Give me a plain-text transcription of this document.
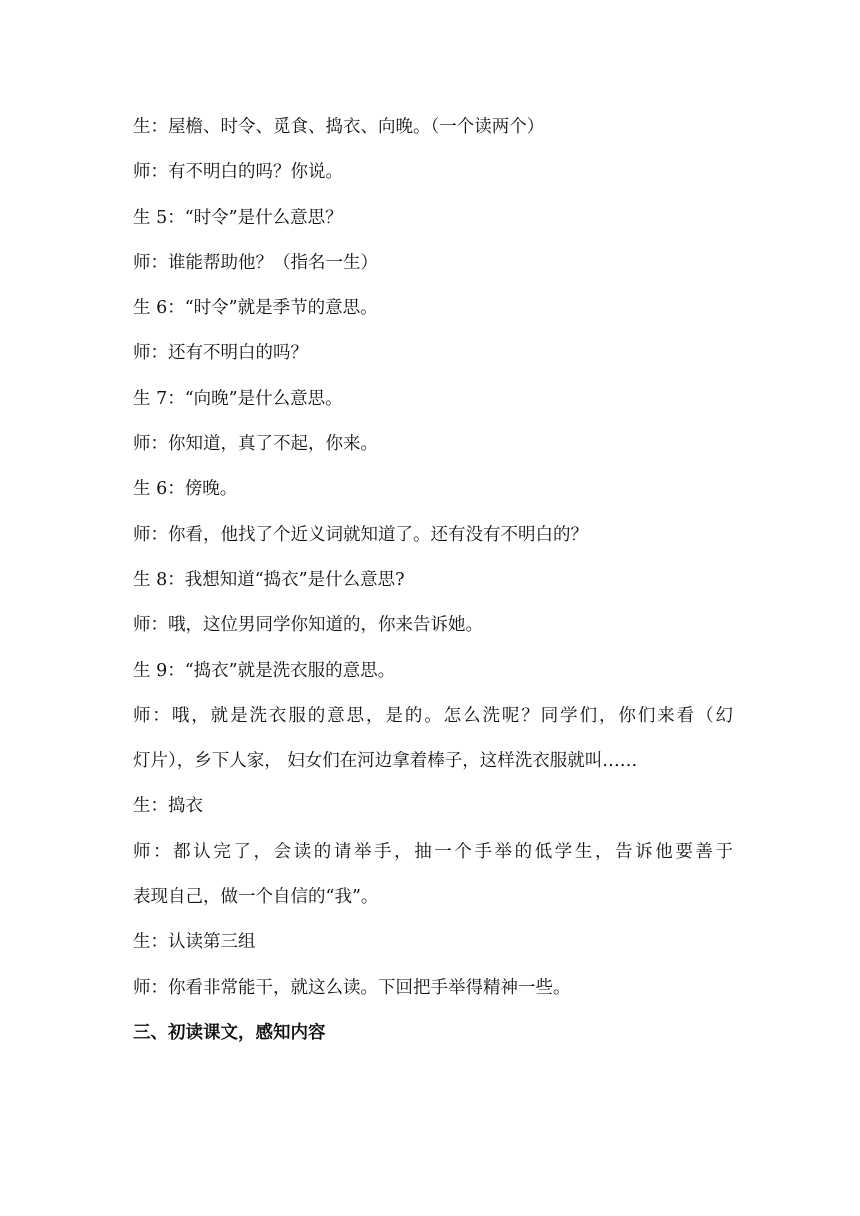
生：屋檐、时令、觅食、捣衣、向晚。（一个读两个）
师：有不明白的吗？你说。
生 5：“时令”是什么意思？
师：谁能帮助他？（指名一生）
生 6：“时令”就是季节的意思。
师：还有不明白的吗？
生 7：“向晚”是什么意思。
师：你知道，真了不起，你来。
生 6：傍晚。
师：你看，他找了个近义词就知道了。还有没有不明白的？
生 8：我想知道“捣衣”是什么意思?
师：哦，这位男同学你知道的，你来告诉她。
生 9：“捣衣”就是洗衣服的意思。
师：哦，就是洗衣服的意思，是的。怎么洗呢？同学们，你们来看（幻
灯片），乡下人家， 妇女们在河边拿着棒子，这样洗衣服就叫……
生：捣衣
师：都认完了，会读的请举手，抽一个手举的低学生，告诉他要善于
表现自己，做一个自信的“我”。
生：认读第三组
师：你看非常能干，就这么读。下回把手举得精神一些。
三、初读课文，感知内容
